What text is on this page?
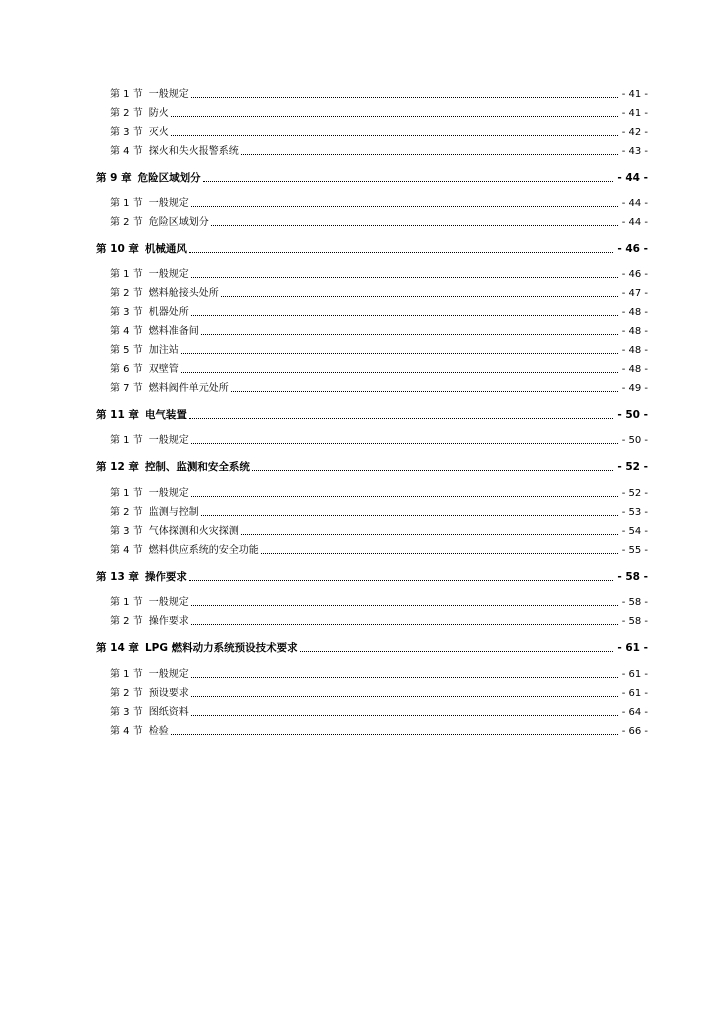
第 1 节 一般规定	- 41 -
第 2 节 防火	- 41 -
第 3 节 灭火	- 42 -
第 4 节 探火和失火报警系统	- 43 -
第 9 章 危险区域划分	- 44 -
第 1 节 一般规定	- 44 -
第 2 节 危险区域划分	- 44 -
第 10 章 机械通风	- 46 -
第 1 节 一般规定	- 46 -
第 2 节 燃料舱接头处所	- 47 -
第 3 节 机器处所	- 48 -
第 4 节 燃料准备间	- 48 -
第 5 节 加注站	- 48 -
第 6 节 双壁管	- 48 -
第 7 节 燃料阀件单元处所	- 49 -
第 11 章 电气装置	- 50 -
第 1 节 一般规定	- 50 -
第 12 章 控制、监测和安全系统	- 52 -
第 1 节 一般规定	- 52 -
第 2 节 监测与控制	- 53 -
第 3 节 气体探测和火灾探测	- 54 -
第 4 节 燃料供应系统的安全功能	- 55 -
第 13 章 操作要求	- 58 -
第 1 节 一般规定	- 58 -
第 2 节 操作要求	- 58 -
第 14 章 LPG 燃料动力系统预设技术要求	- 61 -
第 1 节 一般规定	- 61 -
第 2 节 预设要求	- 61 -
第 3 节 图纸资料	- 64 -
第 4 节 检验	- 66 -
